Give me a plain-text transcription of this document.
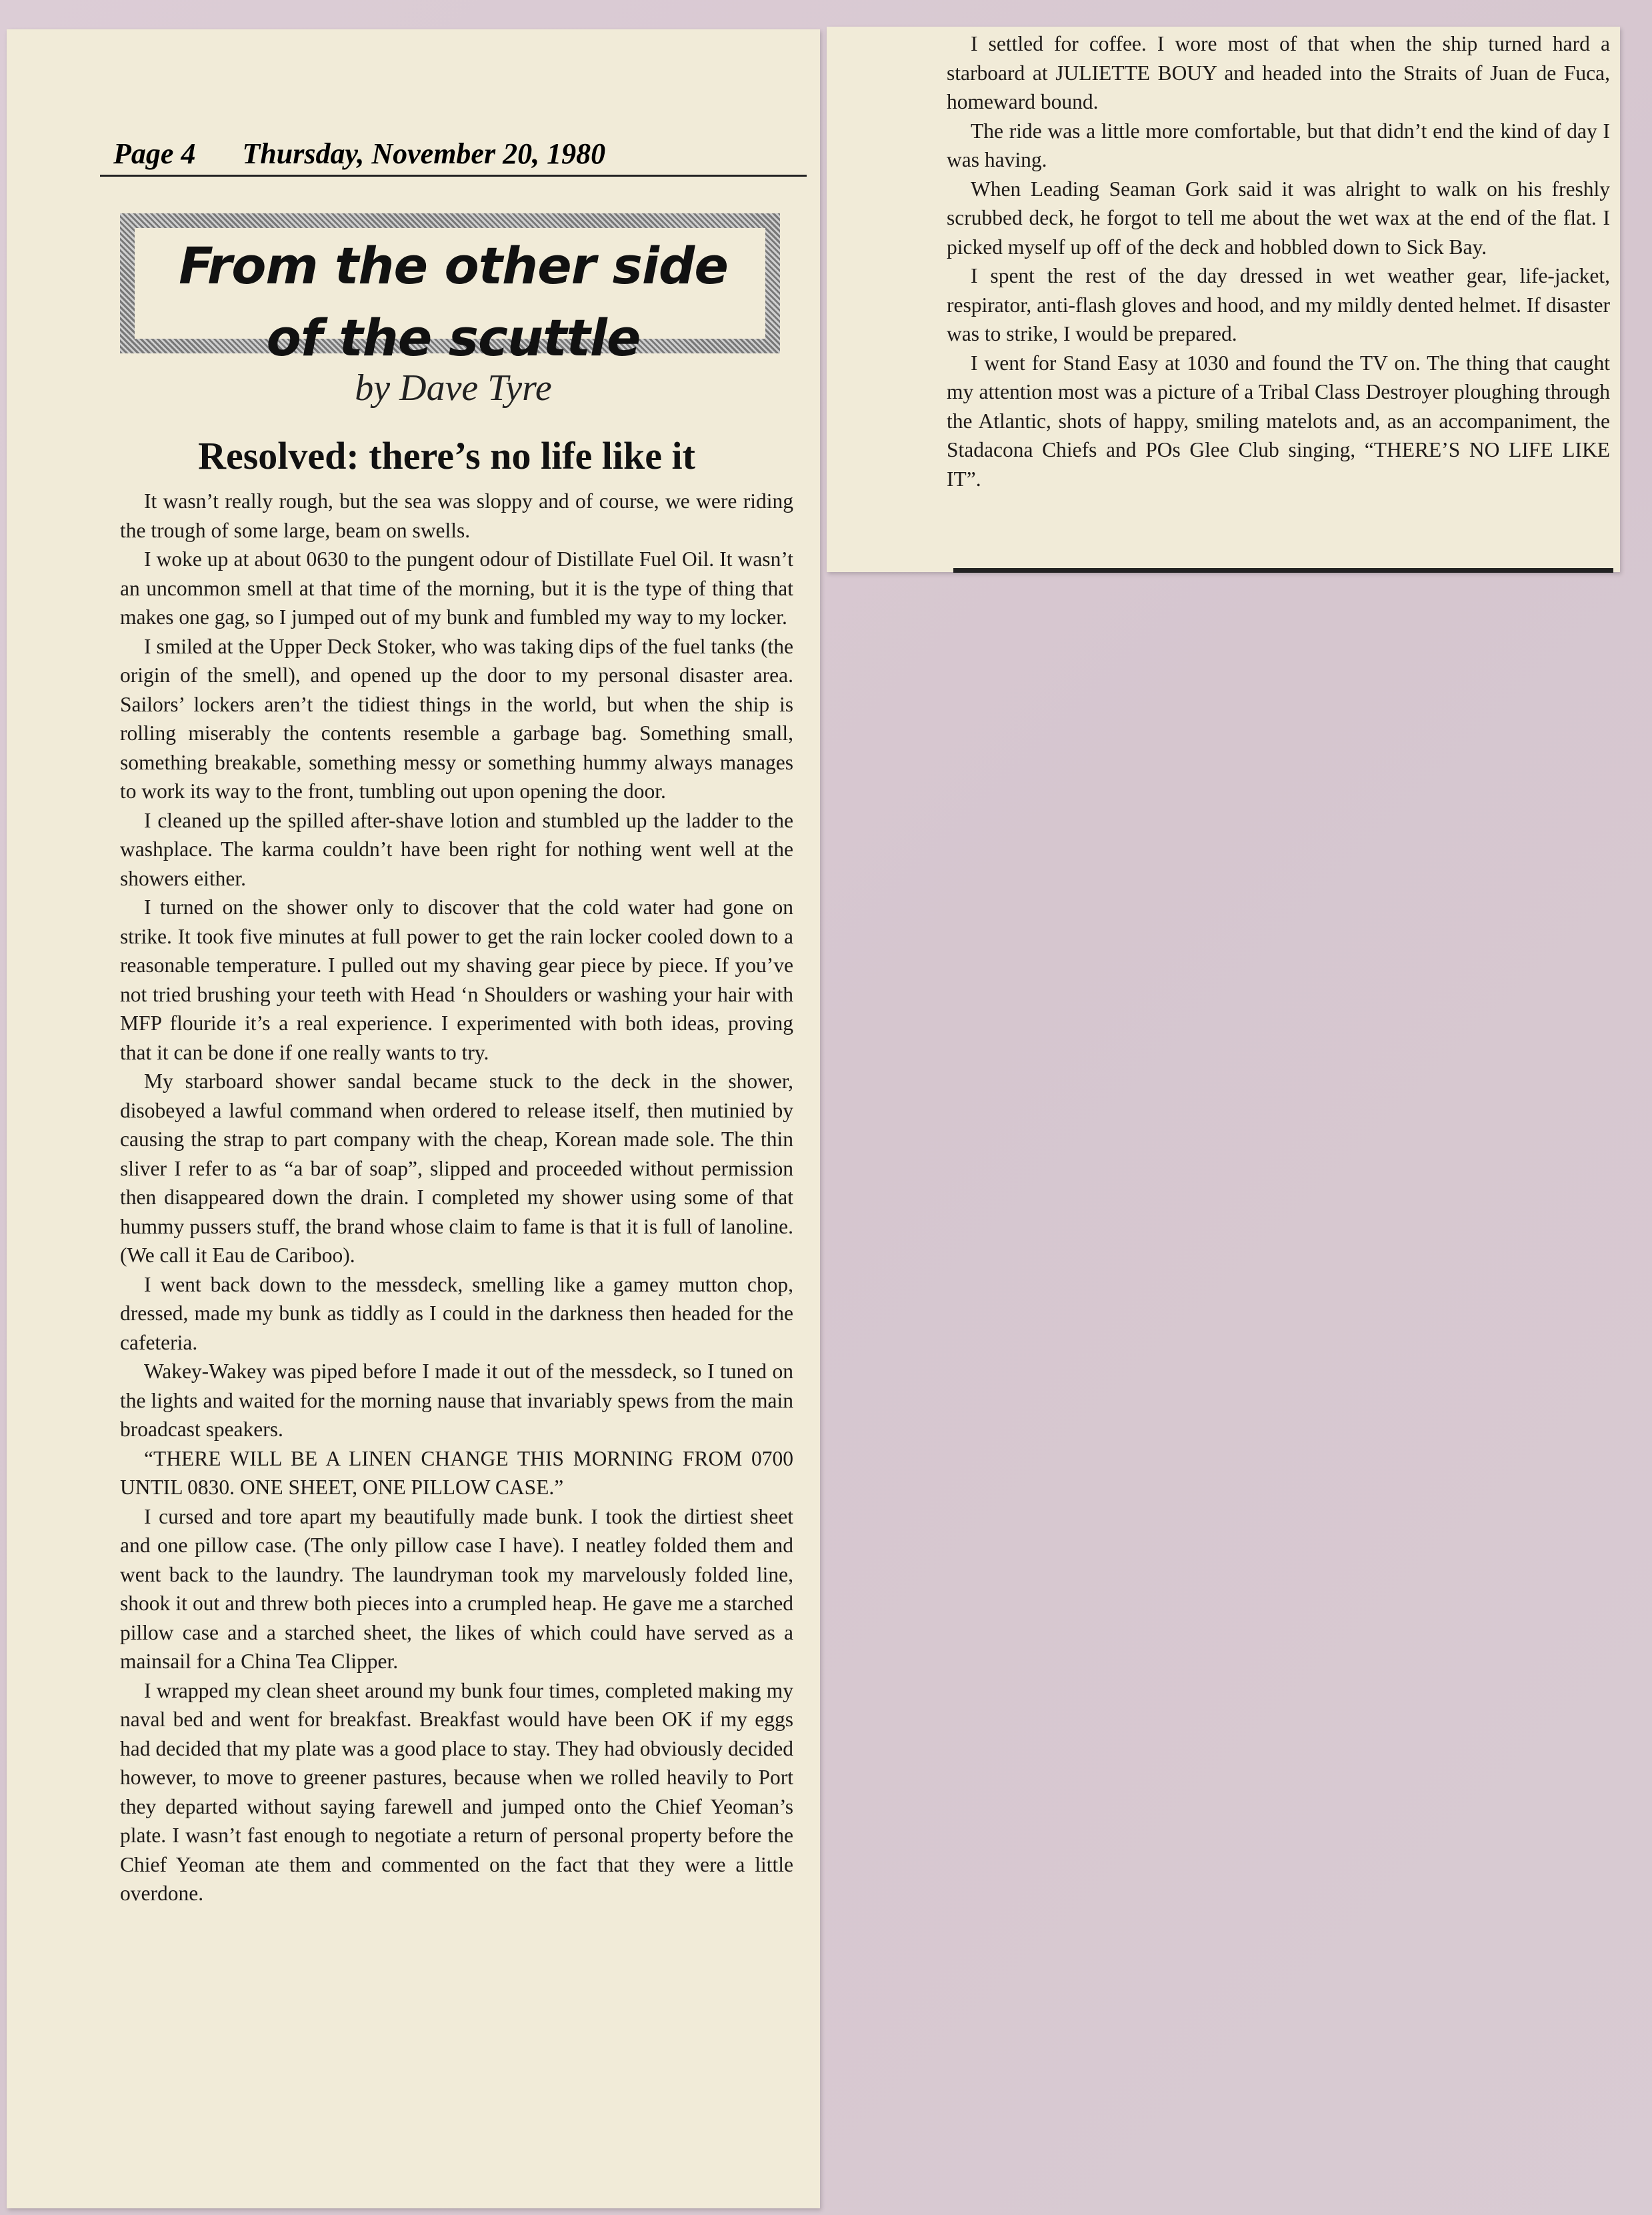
Page 4 Thursday, November 20, 1980
From the other side
of the scuttle
by Dave Tyre
Resolved: there’s no life like it

It wasn’t really rough, but the sea was sloppy and of course, we were riding the trough of some large, beam on swells.

I woke up at about 0630 to the pungent odour of Distillate Fuel Oil. It wasn’t an uncommon smell at that time of the morning, but it is the type of thing that makes one gag, so I jumped out of my bunk and fumbled my way to my locker.

I smiled at the Upper Deck Stoker, who was taking dips of the fuel tanks (the origin of the smell), and opened up the door to my personal disaster area. Sailors’ lockers aren’t the tidiest things in the world, but when the ship is rolling miserably the contents resemble a garbage bag. Something small, something breakable, something messy or something hummy always manages to work its way to the front, tumbling out upon opening the door.

I cleaned up the spilled after-shave lotion and stumbled up the ladder to the washplace. The karma couldn’t have been right for nothing went well at the showers either.

I turned on the shower only to discover that the cold water had gone on strike. It took five minutes at full power to get the rain locker cooled down to a reasonable temperature. I pulled out my shaving gear piece by piece. If you’ve not tried brushing your teeth with Head ‘n Shoulders or washing your hair with MFP flouride it’s a real experience. I experimented with both ideas, proving that it can be done if one really wants to try.

My starboard shower sandal became stuck to the deck in the shower, disobeyed a lawful command when ordered to release itself, then mutinied by causing the strap to part company with the cheap, Korean made sole. The thin sliver I refer to as “a bar of soap”, slipped and proceeded without permission then disappeared down the drain. I completed my shower using some of that hummy pussers stuff, the brand whose claim to fame is that it is full of lanoline. (We call it Eau de Cariboo).

I went back down to the messdeck, smelling like a gamey mutton chop, dressed, made my bunk as tiddly as I could in the darkness then headed for the cafeteria.

Wakey-Wakey was piped before I made it out of the messdeck, so I tuned on the lights and waited for the morning nause that invariably spews from the main broadcast speakers.

“THERE WILL BE A LINEN CHANGE THIS MORNING FROM 0700 UNTIL 0830. ONE SHEET, ONE PILLOW CASE.”

I cursed and tore apart my beautifully made bunk. I took the dirtiest sheet and one pillow case. (The only pillow case I have). I neatley folded them and went back to the laundry. The laundryman took my marvelously folded line, shook it out and threw both pieces into a crumpled heap. He gave me a starched pillow case and a starched sheet, the likes of which could have served as a mainsail for a China Tea Clipper.

I wrapped my clean sheet around my bunk four times, completed making my naval bed and went for breakfast. Breakfast would have been OK if my eggs had decided that my plate was a good place to stay. They had obviously decided however, to move to greener pastures, because when we rolled heavily to Port they departed without saying farewell and jumped onto the Chief Yeoman’s plate. I wasn’t fast enough to negotiate a return of personal property before the Chief Yeoman ate them and commented on the fact that they were a little overdone.

I settled for coffee. I wore most of that when the ship turned hard a starboard at JULIETTE BOUY and headed into the Straits of Juan de Fuca, homeward bound.

The ride was a little more comfortable, but that didn’t end the kind of day I was having.

When Leading Seaman Gork said it was alright to walk on his freshly scrubbed deck, he forgot to tell me about the wet wax at the end of the flat. I picked myself up off of the deck and hobbled down to Sick Bay.

I spent the rest of the day dressed in wet weather gear, life-jacket, respirator, anti-flash gloves and hood, and my mildly dented helmet. If disaster was to strike, I would be prepared.

I went for Stand Easy at 1030 and found the TV on. The thing that caught my attention most was a picture of a Tribal Class Destroyer ploughing through the Atlantic, shots of happy, smiling matelots and, as an accompaniment, the Stadacona Chiefs and POs Glee Club singing, “THERE’S NO LIFE LIKE IT”.
